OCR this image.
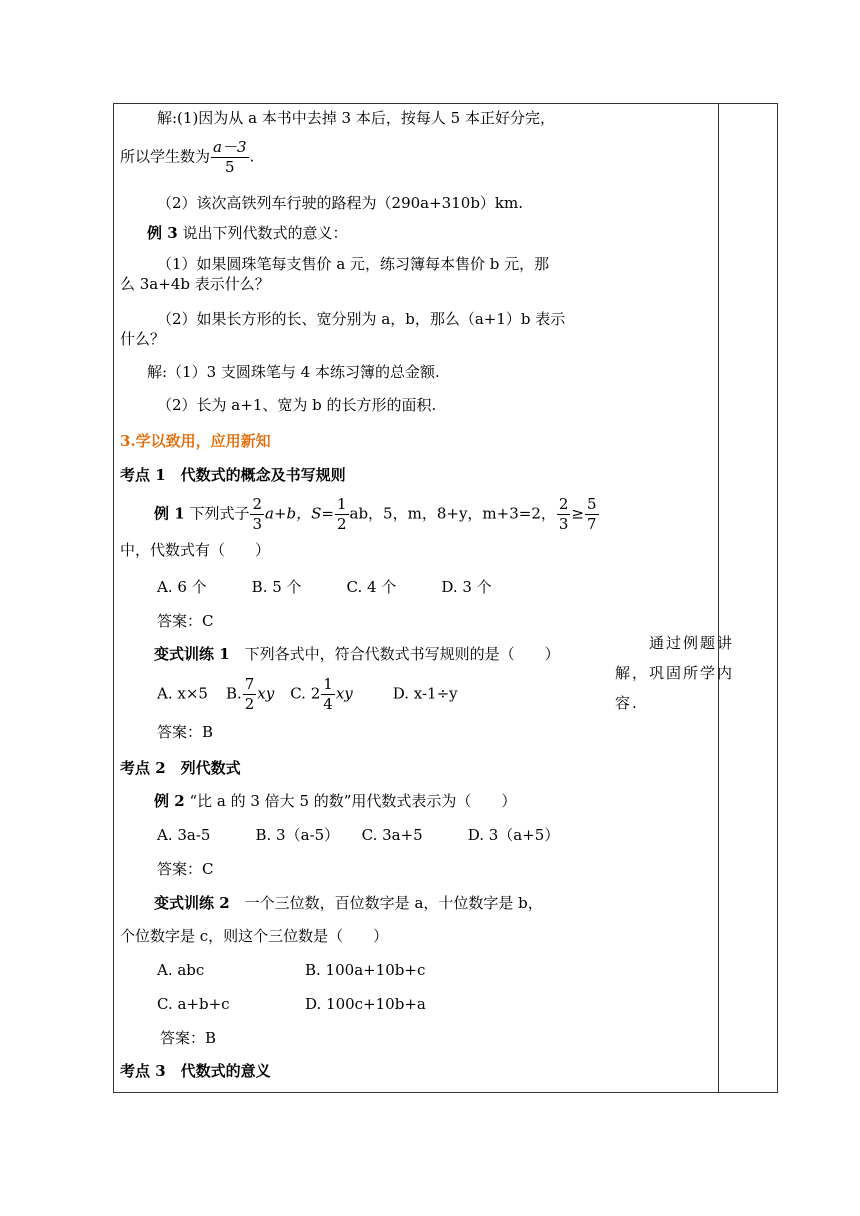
解:(1)因为从 a 本书中去掉 3 本后，按每人 5 本正好分完，
所以学生数为 $\frac{a-3}{5}$ .
（2）该次高铁列车行驶的路程为（290a+310b）km.
例 3 说出下列代数式的意义：
（1）如果圆珠笔每支售价 a 元，练习簿每本售价 b 元，那
么 3a+4b 表示什么？
（2）如果长方形的长、宽分别为 a，b，那么（a+1）b 表示
什么？
解:（1）3 支圆珠笔与 4 本练习簿的总金额.
（2）长为 a+1、宽为 b 的长方形的面积.
3.学以致用，应用新知
考点 1　代数式的概念及书写规则
例 1 下列式子 $\frac{2}{3} a+b$，$S= \frac{1}{2}$ ab，5，m，8+y，m+3=2， $\frac{2}{3} \ge \frac{5}{7}$
中，代数式有（　　）
A. 6 个　　　B. 5 个　　　C. 4 个　　　D. 3 个
答案：C
变式训练 1　下列各式中，符合代数式书写规则的是（　　）
A. x×5 B. $\frac{7}{2}$ xy C. $2 \frac{1}{4}$ xy	D. x-1÷y
答案：B
考点 2　列代数式
例 2 “比 a 的 3 倍大 5 的数”用代数式表示为（　　）
A. 3a-5　　　B. 3（a-5）　　C. 3a+5　　　D. 3（a+5）
答案：C
变式训练 2　一个三位数，百位数字是 a，十位数字是 b，
个位数字是 c，则这个三位数是（　　）
A. abc	B. 100a+10b+c
C. a+b+c	D. 100c+10b+a
答案：B
考点 3　代数式的意义
　　通过例题讲解，巩固所学内容.
